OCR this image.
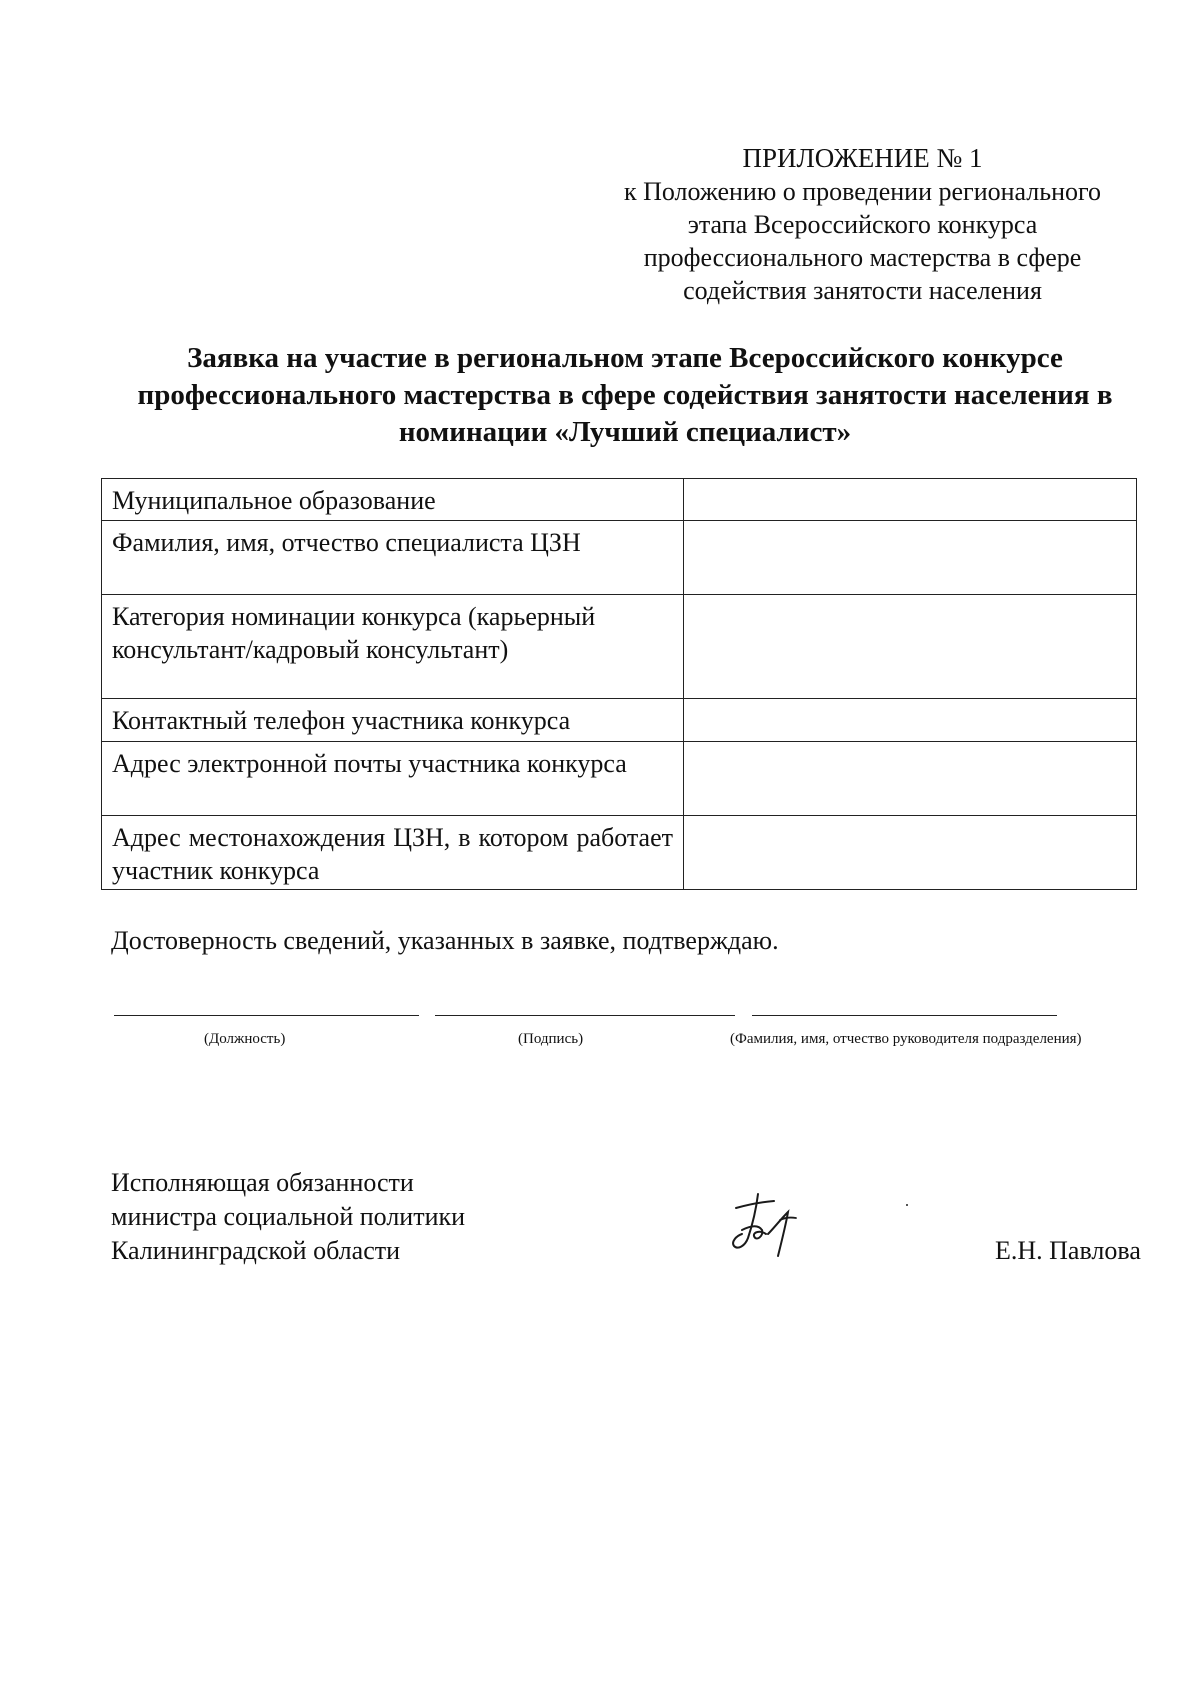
ПРИЛОЖЕНИЕ № 1
к Положению о проведении регионального
этапа Всероссийского конкурса
профессионального мастерства в сфере
содействия занятости населения
Заявка на участие в региональном этапе Всероссийского конкурсе
профессионального мастерства в сфере содействия занятости населения в
номинации «Лучший специалист»
Муниципальное образование	
Фамилия, имя, отчество специалиста ЦЗН	
Категория номинации конкурса (карьерный консультант/кадровый консультант)	
Контактный телефон участника конкурса	
Адрес электронной почты участника конкурса	
Адрес местонахождения ЦЗН, в котором работает участник конкурса	
Достоверность сведений, указанных в заявке, подтверждаю.
(Должность)	(Подпись)	(Фамилия, имя, отчество руководителя подразделения)
Исполняющая обязанности
министра социальной политики
Калининградской области	Е.Н. Павлова
